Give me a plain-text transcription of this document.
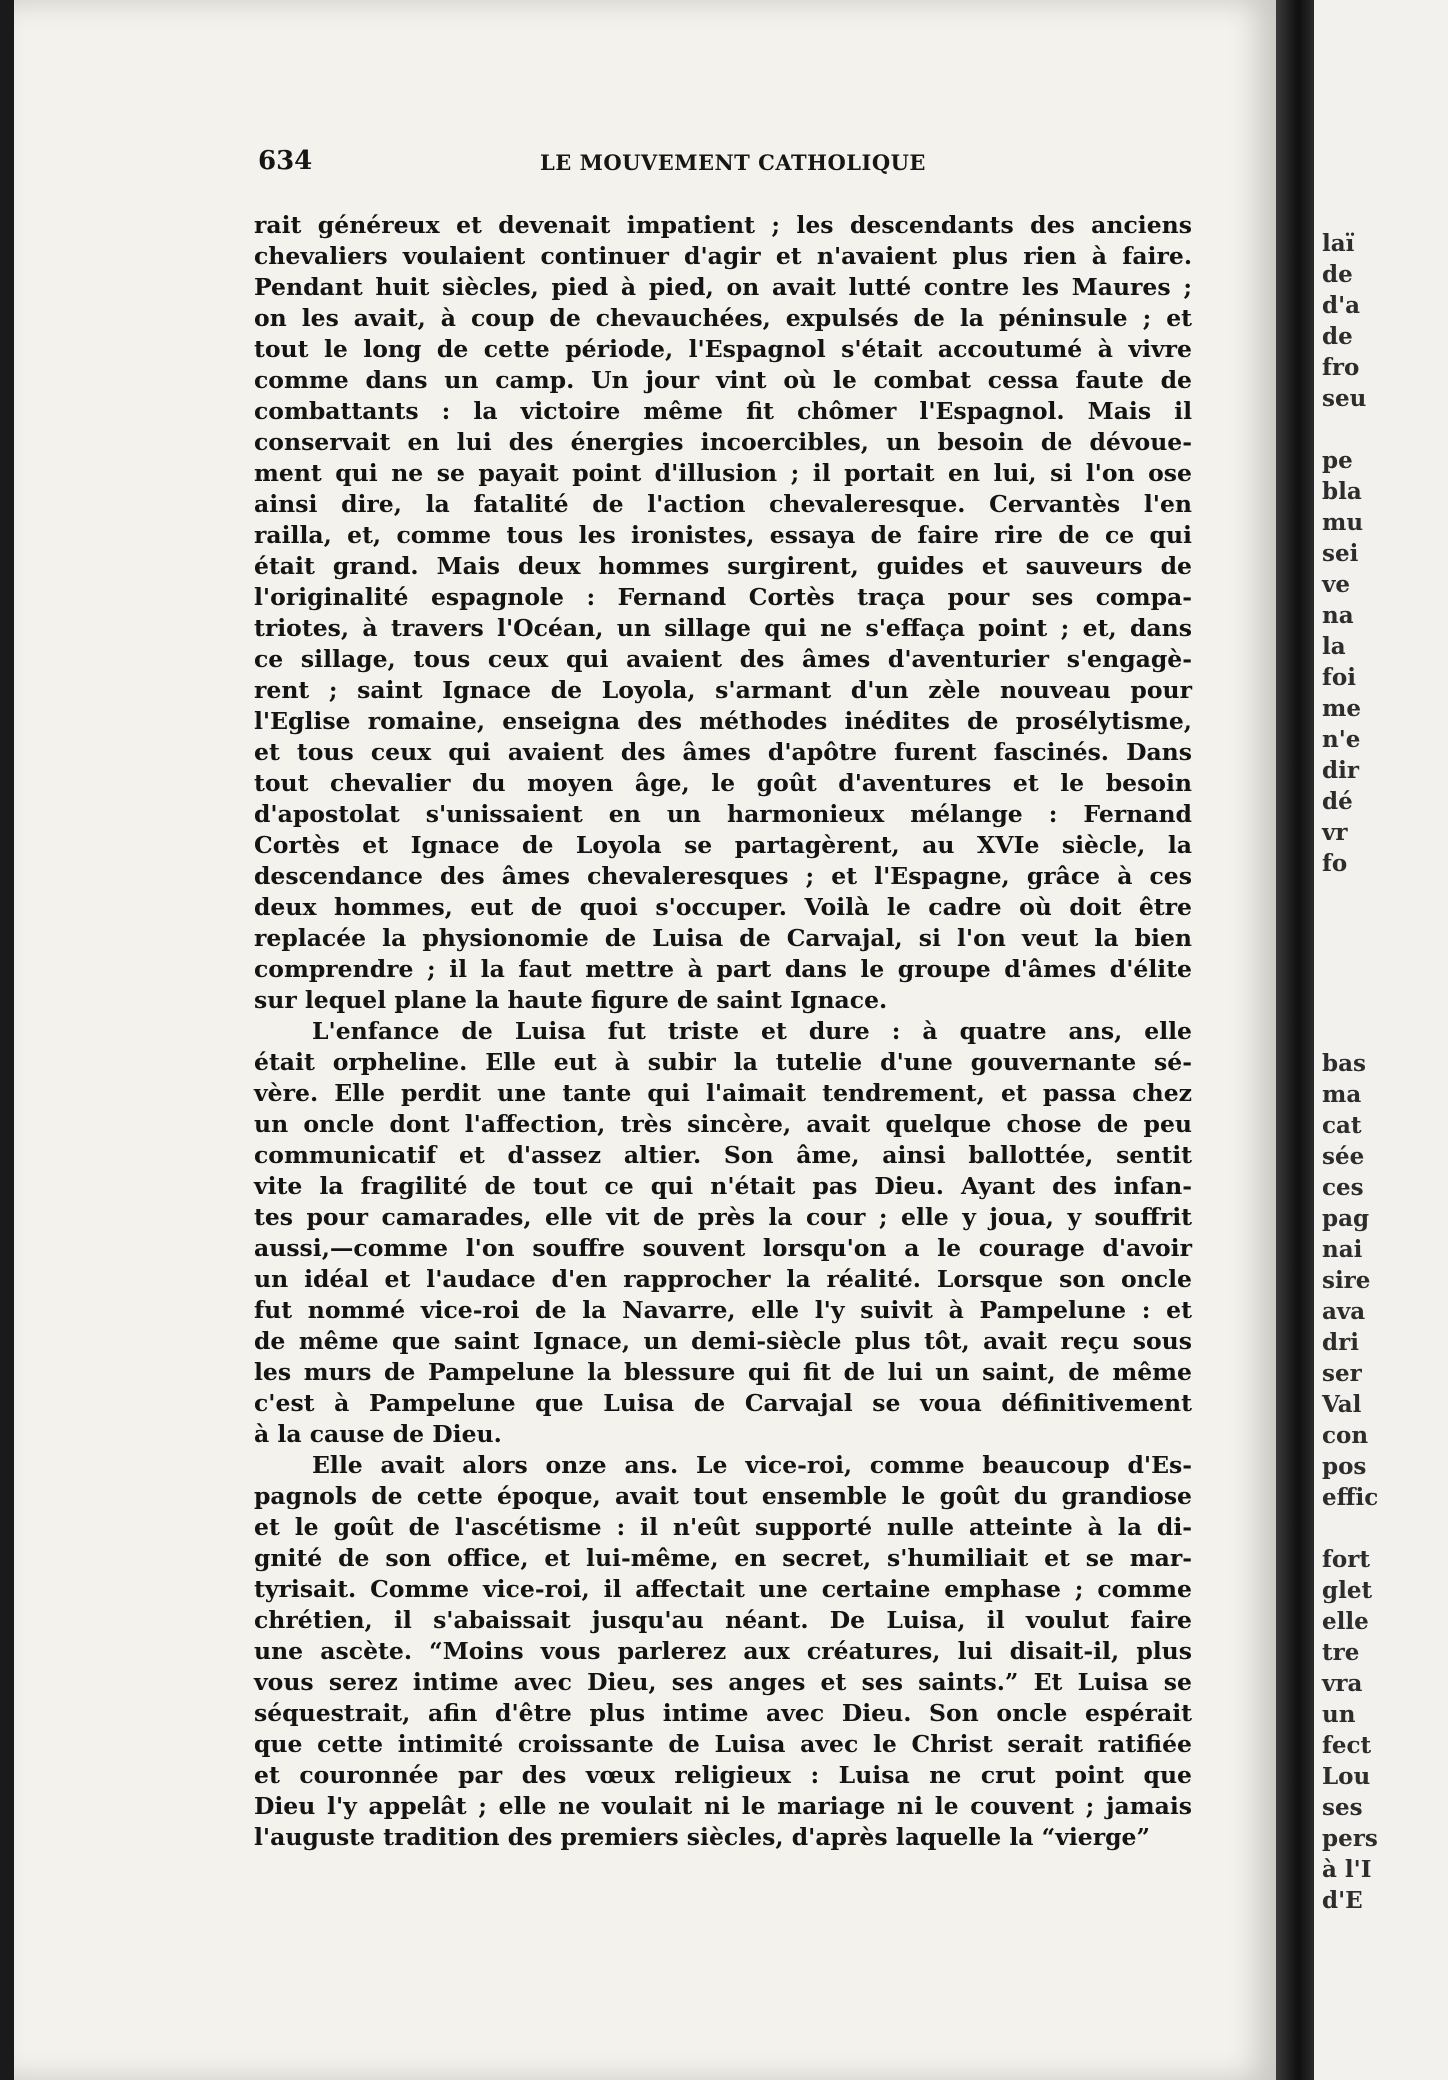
634	LE MOUVEMENT CATHOLIQUE
rait généreux et devenait impatient ; les descendants des anciens
chevaliers voulaient continuer d'agir et n'avaient plus rien à faire.
Pendant huit siècles, pied à pied, on avait lutté contre les Maures ;
on les avait, à coup de chevauchées, expulsés de la péninsule ; et
tout le long de cette période, l'Espagnol s'était accoutumé à vivre
comme dans un camp. Un jour vint où le combat cessa faute de
combattants : la victoire même fit chômer l'Espagnol. Mais il
conservait en lui des énergies incoercibles, un besoin de dévoue-
ment qui ne se payait point d'illusion ; il portait en lui, si l'on ose
ainsi dire, la fatalité de l'action chevaleresque. Cervantès l'en
railla, et, comme tous les ironistes, essaya de faire rire de ce qui
était grand. Mais deux hommes surgirent, guides et sauveurs de
l'originalité espagnole : Fernand Cortès traça pour ses compa-
triotes, à travers l'Océan, un sillage qui ne s'effaça point ; et, dans
ce sillage, tous ceux qui avaient des âmes d'aventurier s'engagè-
rent ; saint Ignace de Loyola, s'armant d'un zèle nouveau pour
l'Eglise romaine, enseigna des méthodes inédites de prosélytisme,
et tous ceux qui avaient des âmes d'apôtre furent fascinés. Dans
tout chevalier du moyen âge, le goût d'aventures et le besoin
d'apostolat s'unissaient en un harmonieux mélange : Fernand
Cortès et Ignace de Loyola se partagèrent, au XVIe siècle, la
descendance des âmes chevaleresques ; et l'Espagne, grâce à ces
deux hommes, eut de quoi s'occuper. Voilà le cadre où doit être
replacée la physionomie de Luisa de Carvajal, si l'on veut la bien
comprendre ; il la faut mettre à part dans le groupe d'âmes d'élite
sur lequel plane la haute figure de saint Ignace.
L'enfance de Luisa fut triste et dure : à quatre ans, elle
était orpheline. Elle eut à subir la tutelie d'une gouvernante sé-
vère. Elle perdit une tante qui l'aimait tendrement, et passa chez
un oncle dont l'affection, très sincère, avait quelque chose de peu
communicatif et d'assez altier. Son âme, ainsi ballottée, sentit
vite la fragilité de tout ce qui n'était pas Dieu. Ayant des infan-
tes pour camarades, elle vit de près la cour ; elle y joua, y souffrit
aussi,—comme l'on souffre souvent lorsqu'on a le courage d'avoir
un idéal et l'audace d'en rapprocher la réalité. Lorsque son oncle
fut nommé vice-roi de la Navarre, elle l'y suivit à Pampelune : et
de même que saint Ignace, un demi-siècle plus tôt, avait reçu sous
les murs de Pampelune la blessure qui fit de lui un saint, de même
c'est à Pampelune que Luisa de Carvajal se voua définitivement
à la cause de Dieu.
Elle avait alors onze ans. Le vice-roi, comme beaucoup d'Es-
pagnols de cette époque, avait tout ensemble le goût du grandiose
et le goût de l'ascétisme : il n'eût supporté nulle atteinte à la di-
gnité de son office, et lui-même, en secret, s'humiliait et se mar-
tyrisait. Comme vice-roi, il affectait une certaine emphase ; comme
chrétien, il s'abaissait jusqu'au néant. De Luisa, il voulut faire
une ascète. “Moins vous parlerez aux créatures, lui disait-il, plus
vous serez intime avec Dieu, ses anges et ses saints.” Et Luisa se
séquestrait, afin d'être plus intime avec Dieu. Son oncle espérait
que cette intimité croissante de Luisa avec le Christ serait ratifiée
et couronnée par des vœux religieux : Luisa ne crut point que
Dieu l'y appelât ; elle ne voulait ni le mariage ni le couvent ; jamais
l'auguste tradition des premiers siècles, d'après laquelle la “vierge”
laï
de
d'a
de
fro
seu
pe
bla
mu
sei
ve
na
la
foi
me
n'e
dir
dé
vr
fo
bas
ma
cat
sée
ces
pag
nai
sire
ava
dri
ser
Val
con
pos
effic
fort
glet
elle
tre
vra
un
fect
Lou
ses
pers
à l'I
d'E
